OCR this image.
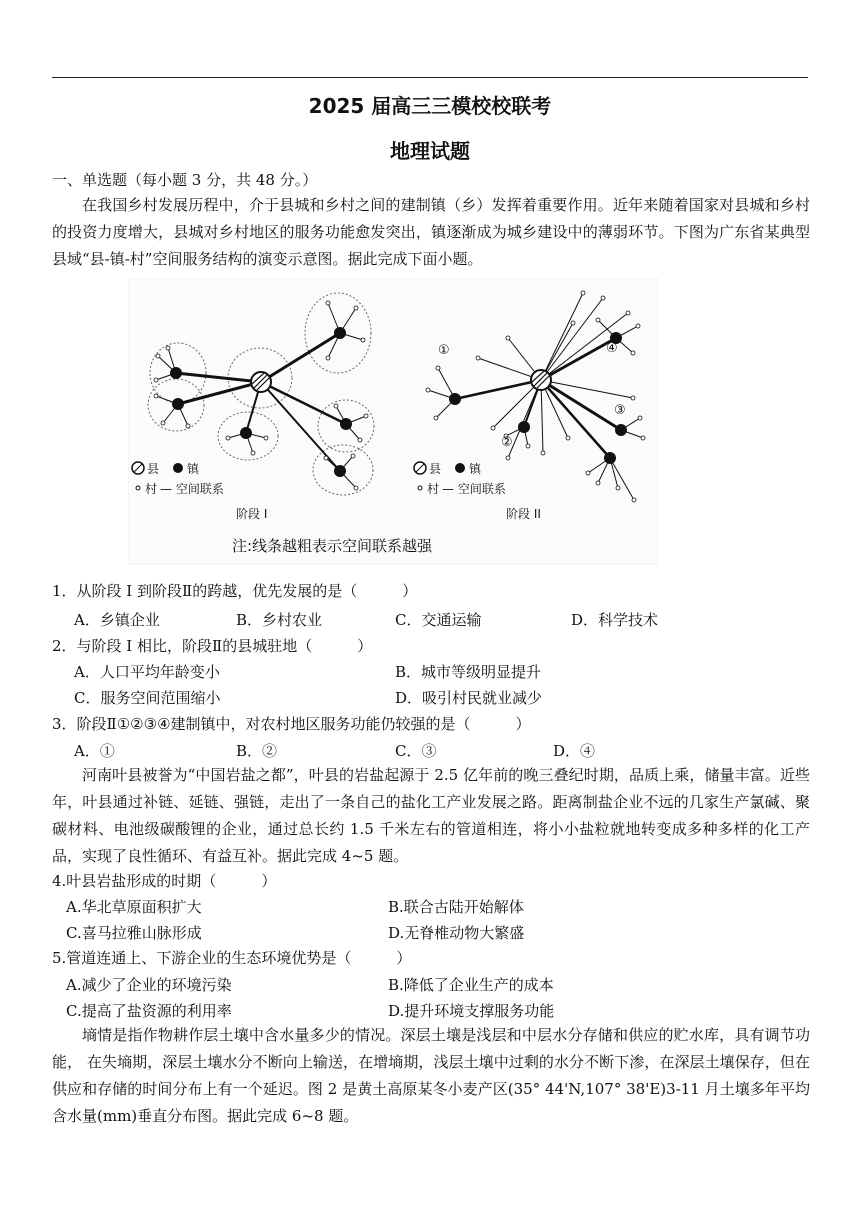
2025 届高三三模校校联考
地理试题
一、单选题（每小题 3 分，共 48 分。）

在我国乡村发展历程中，介于县城和乡村之间的建制镇（乡）发挥着重要作用。近年来随着国家对县城和乡村的投资力度增大，县城对乡村地区的服务功能愈发突出，镇逐渐成为城乡建设中的薄弱环节。下图为广东省某典型县域“县-镇-村”空间服务结构的演变示意图。据此完成下面小题。

①
②
③
④
县 镇
村 — 空间联系
阶段 I
县 镇
村 — 空间联系
阶段 II
注:线条越粗表示空间联系越强
1．从阶段 I 到阶段Ⅱ的跨越，优先发展的是（　　　）
A．乡镇企业	B．乡村农业	C．交通运输	D．科学技术
2．与阶段 I 相比，阶段Ⅱ的县城驻地（　　　）
A．人口平均年龄变小	B．城市等级明显提升
C．服务空间范围缩小	D．吸引村民就业减少
3．阶段Ⅱ①②③④建制镇中，对农村地区服务功能仍较强的是（　　　）
A．①	B．②	C．③	D．④

河南叶县被誉为“中国岩盐之都”，叶县的岩盐起源于 2.5 亿年前的晚三叠纪时期，品质上乘，储量丰富。近些年，叶县通过补链、延链、强链，走出了一条自己的盐化工产业发展之路。距离制盐企业不远的几家生产氯碱、聚碳材料、电池级碳酸锂的企业，通过总长约 1.5 千米左右的管道相连，将小小盐粒就地转变成多种多样的化工产品，实现了良性循环、有益互补。据此完成 4~5 题。

4.叶县岩盐形成的时期（　　　）
A.华北草原面积扩大	B.联合古陆开始解体
C.喜马拉雅山脉形成	D.无脊椎动物大繁盛
5.管道连通上、下游企业的生态环境优势是（　　　）
A.减少了企业的环境污染	B.降低了企业生产的成本
C.提高了盐资源的利用率	D.提升环境支撑服务功能

墒情是指作物耕作层土壤中含水量多少的情况。深层土壤是浅层和中层水分存储和供应的贮水库，具有调节功能， 在失墒期，深层土壤水分不断向上输送，在增墒期，浅层土壤中过剩的水分不断下渗，在深层土壤保存，但在供应和存储的时间分布上有一个延迟。图 2 是黄土高原某冬小麦产区(35° 44'N,107° 38'E)3-11 月土壤多年平均含水量(mm)垂直分布图。据此完成 6~8 题。
